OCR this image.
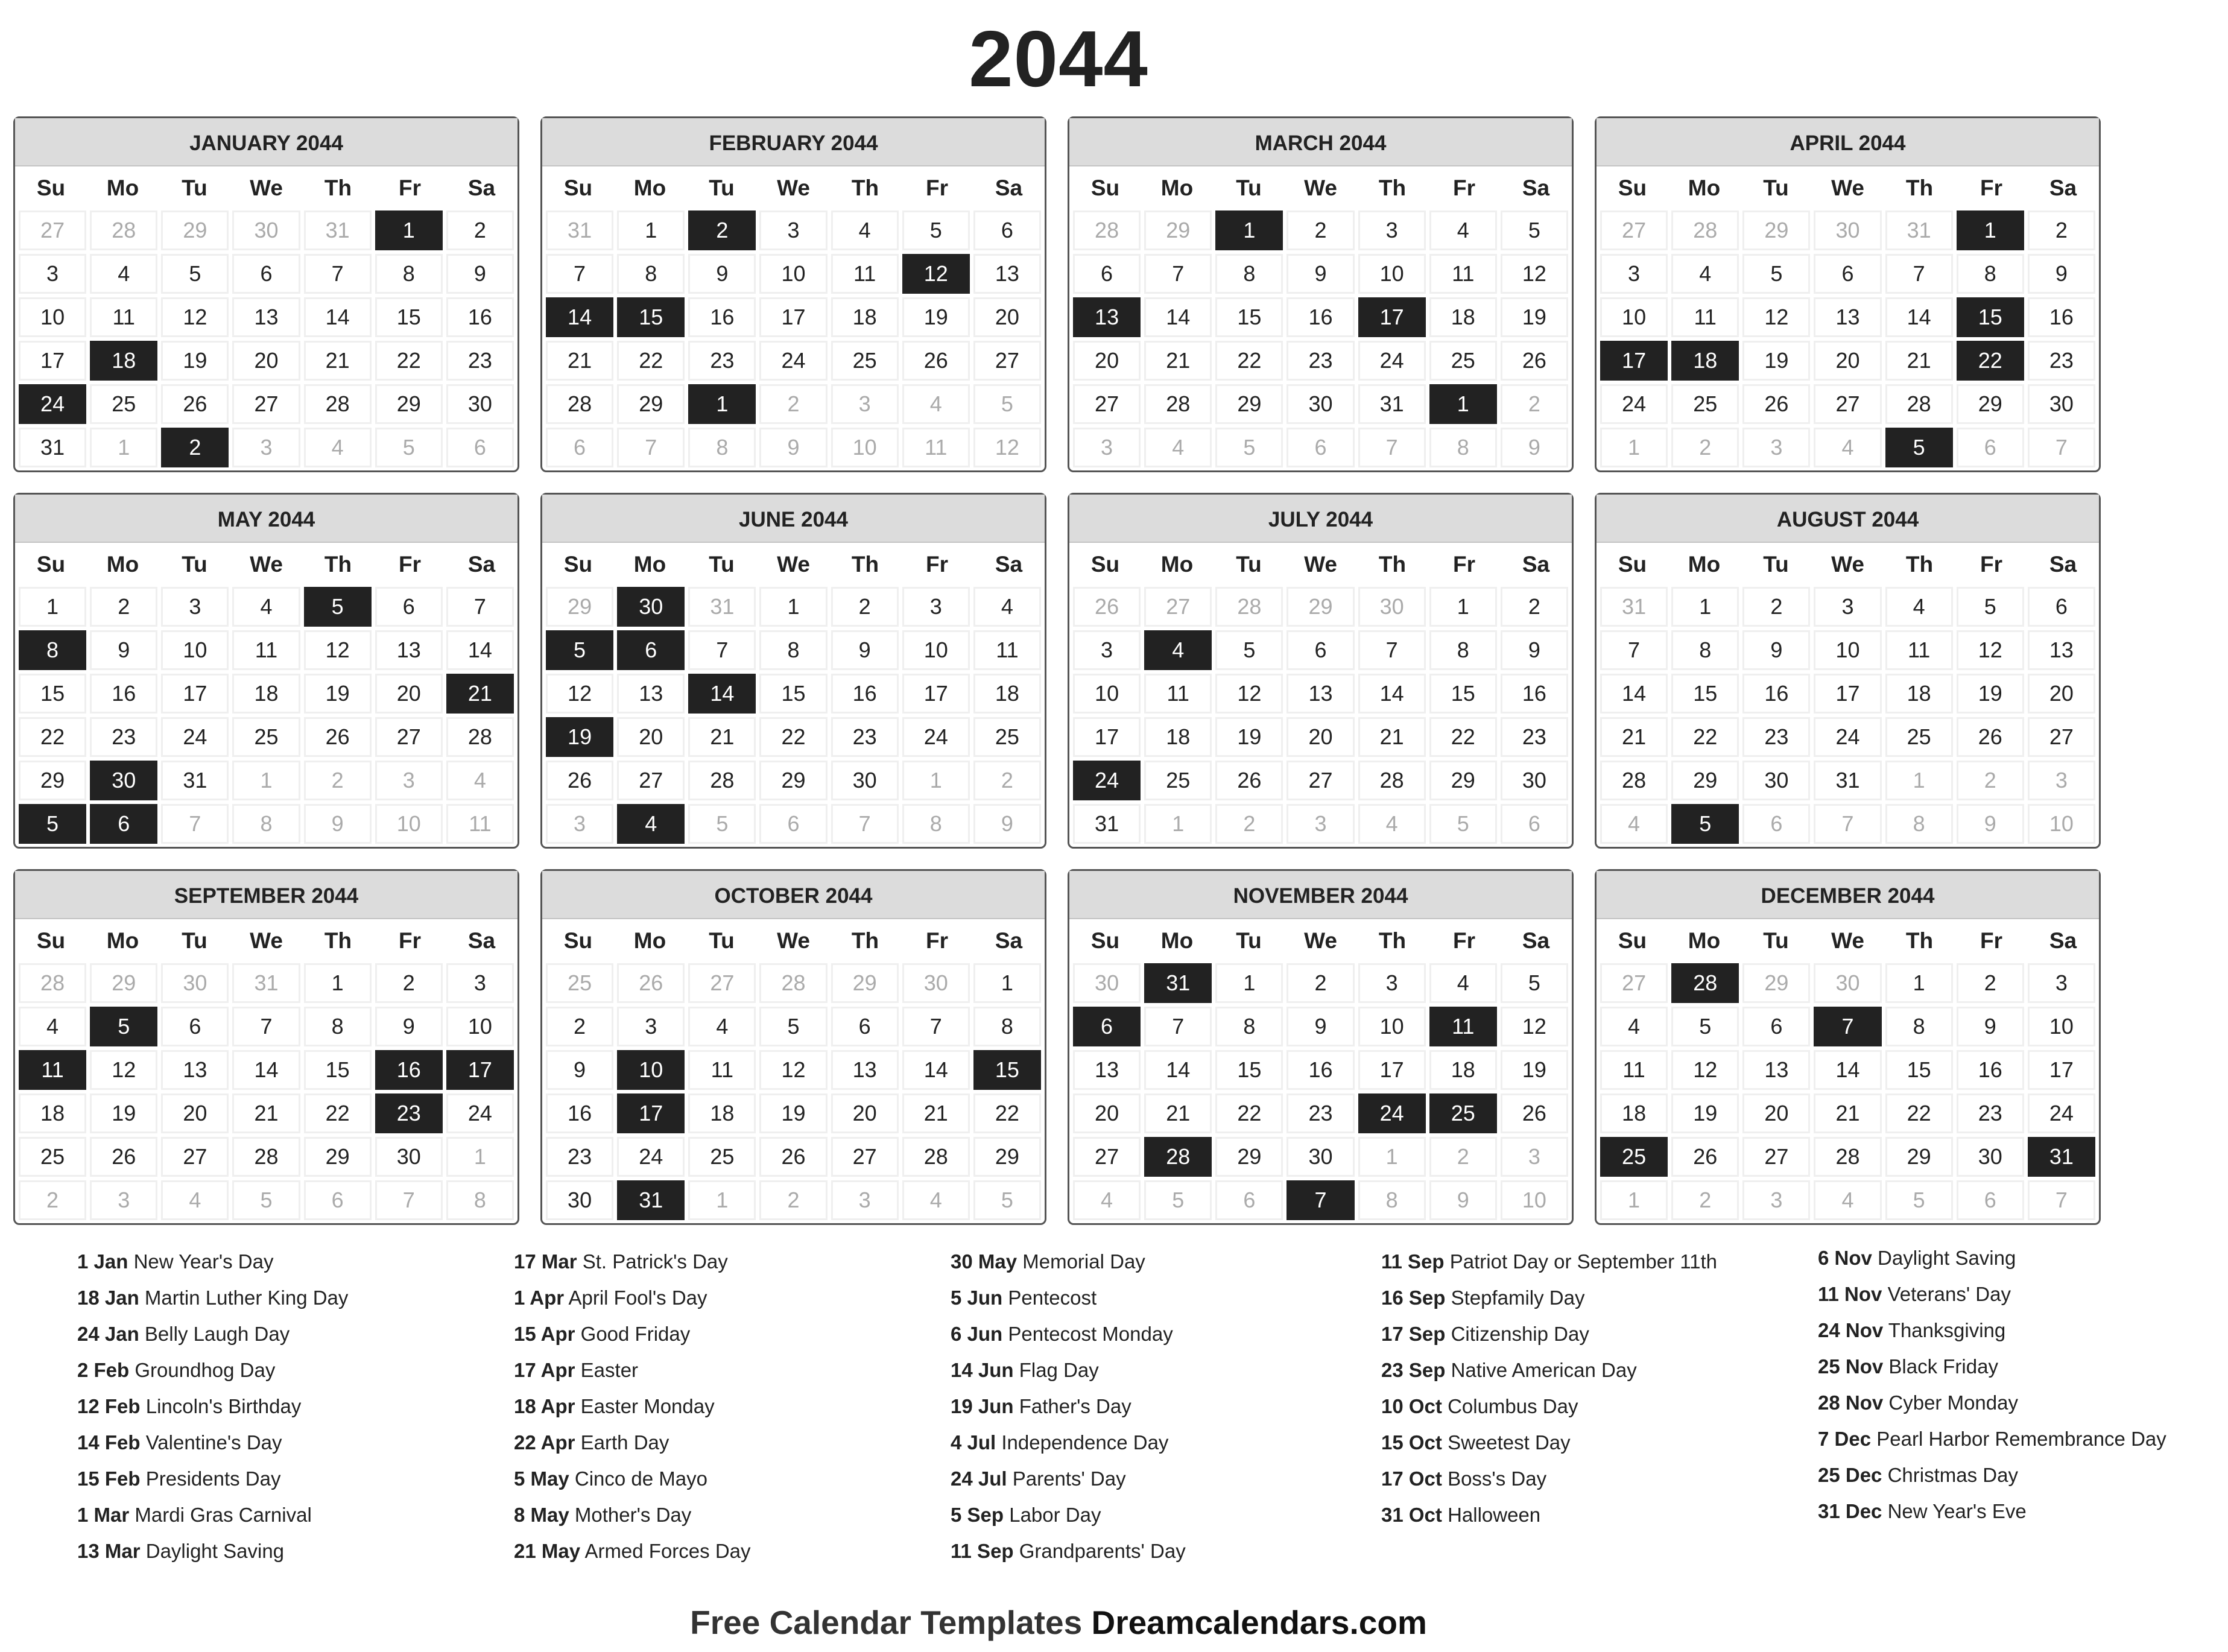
2044
JANUARY 2044
Su	Mo	Tu	We	Th	Fr	Sa
27	28	29	30	31	1	2
3	4	5	6	7	8	9
10	11	12	13	14	15	16
17	18	19	20	21	22	23
24	25	26	27	28	29	30
31	1	2	3	4	5	6
FEBRUARY 2044
Su	Mo	Tu	We	Th	Fr	Sa
31	1	2	3	4	5	6
7	8	9	10	11	12	13
14	15	16	17	18	19	20
21	22	23	24	25	26	27
28	29	1	2	3	4	5
6	7	8	9	10	11	12
MARCH 2044
Su	Mo	Tu	We	Th	Fr	Sa
28	29	1	2	3	4	5
6	7	8	9	10	11	12
13	14	15	16	17	18	19
20	21	22	23	24	25	26
27	28	29	30	31	1	2
3	4	5	6	7	8	9
APRIL 2044
Su	Mo	Tu	We	Th	Fr	Sa
27	28	29	30	31	1	2
3	4	5	6	7	8	9
10	11	12	13	14	15	16
17	18	19	20	21	22	23
24	25	26	27	28	29	30
1	2	3	4	5	6	7
MAY 2044
Su	Mo	Tu	We	Th	Fr	Sa
1	2	3	4	5	6	7
8	9	10	11	12	13	14
15	16	17	18	19	20	21
22	23	24	25	26	27	28
29	30	31	1	2	3	4
5	6	7	8	9	10	11
JUNE 2044
Su	Mo	Tu	We	Th	Fr	Sa
29	30	31	1	2	3	4
5	6	7	8	9	10	11
12	13	14	15	16	17	18
19	20	21	22	23	24	25
26	27	28	29	30	1	2
3	4	5	6	7	8	9
JULY 2044
Su	Mo	Tu	We	Th	Fr	Sa
26	27	28	29	30	1	2
3	4	5	6	7	8	9
10	11	12	13	14	15	16
17	18	19	20	21	22	23
24	25	26	27	28	29	30
31	1	2	3	4	5	6
AUGUST 2044
Su	Mo	Tu	We	Th	Fr	Sa
31	1	2	3	4	5	6
7	8	9	10	11	12	13
14	15	16	17	18	19	20
21	22	23	24	25	26	27
28	29	30	31	1	2	3
4	5	6	7	8	9	10
SEPTEMBER 2044
Su	Mo	Tu	We	Th	Fr	Sa
28	29	30	31	1	2	3
4	5	6	7	8	9	10
11	12	13	14	15	16	17
18	19	20	21	22	23	24
25	26	27	28	29	30	1
2	3	4	5	6	7	8
OCTOBER 2044
Su	Mo	Tu	We	Th	Fr	Sa
25	26	27	28	29	30	1
2	3	4	5	6	7	8
9	10	11	12	13	14	15
16	17	18	19	20	21	22
23	24	25	26	27	28	29
30	31	1	2	3	4	5
NOVEMBER 2044
Su	Mo	Tu	We	Th	Fr	Sa
30	31	1	2	3	4	5
6	7	8	9	10	11	12
13	14	15	16	17	18	19
20	21	22	23	24	25	26
27	28	29	30	1	2	3
4	5	6	7	8	9	10
DECEMBER 2044
Su	Mo	Tu	We	Th	Fr	Sa
27	28	29	30	1	2	3
4	5	6	7	8	9	10
11	12	13	14	15	16	17
18	19	20	21	22	23	24
25	26	27	28	29	30	31
1	2	3	4	5	6	7
1 Jan New Year's Day
18 Jan Martin Luther King Day
24 Jan Belly Laugh Day
2 Feb Groundhog Day
12 Feb Lincoln's Birthday
14 Feb Valentine's Day
15 Feb Presidents Day
1 Mar Mardi Gras Carnival
13 Mar Daylight Saving
17 Mar St. Patrick's Day
1 Apr April Fool's Day
15 Apr Good Friday
17 Apr Easter
18 Apr Easter Monday
22 Apr Earth Day
5 May Cinco de Mayo
8 May Mother's Day
21 May Armed Forces Day
30 May Memorial Day
5 Jun Pentecost
6 Jun Pentecost Monday
14 Jun Flag Day
19 Jun Father's Day
4 Jul Independence Day
24 Jul Parents' Day
5 Sep Labor Day
11 Sep Grandparents' Day
11 Sep Patriot Day or September 11th
16 Sep Stepfamily Day
17 Sep Citizenship Day
23 Sep Native American Day
10 Oct Columbus Day
15 Oct Sweetest Day
17 Oct Boss's Day
31 Oct Halloween
6 Nov Daylight Saving
11 Nov Veterans' Day
24 Nov Thanksgiving
25 Nov Black Friday
28 Nov Cyber Monday
7 Dec Pearl Harbor Remembrance Day
25 Dec Christmas Day
31 Dec New Year's Eve
Free Calendar Templates Dreamcalendars.com
